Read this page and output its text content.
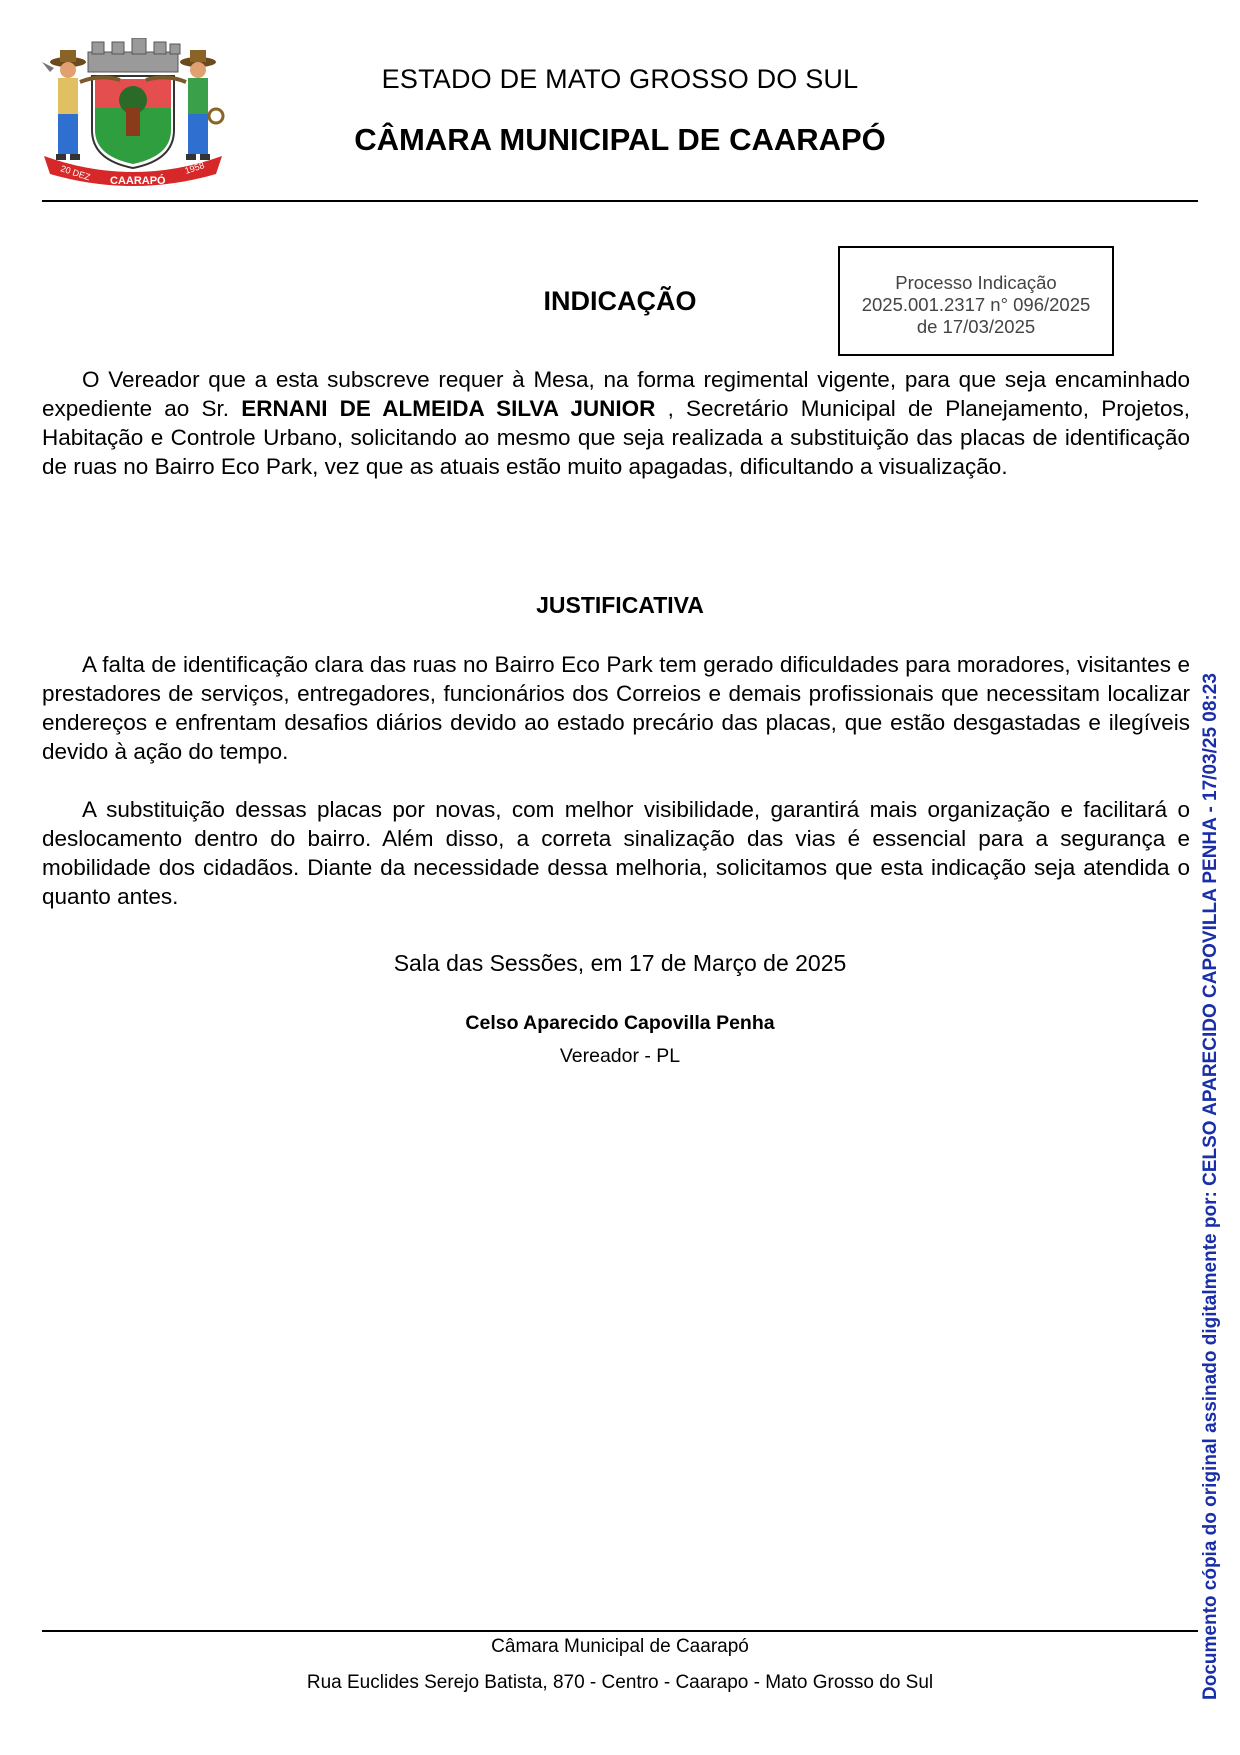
20 DEZ CAARAPÓ
1958
ESTADO DE MATO GROSSO DO SUL
CÂMARA MUNICIPAL DE CAARAPÓ
Processo Indicação
2025.001.2317 n° 096/2025
de 17/03/2025
INDICAÇÃO
O Vereador que a esta subscreve requer à Mesa, na forma regimental vigente, para que seja encaminhado expediente ao Sr. ERNANI DE ALMEIDA SILVA JUNIOR , Secretário Municipal de Planejamento, Projetos, Habitação e Controle Urbano, solicitando ao mesmo que seja realizada a substituição das placas de identificação de ruas no Bairro Eco Park, vez que as atuais estão muito apagadas, dificultando a visualização.
JUSTIFICATIVA
A falta de identificação clara das ruas no Bairro Eco Park tem gerado dificuldades para moradores, visitantes e prestadores de serviços, entregadores, funcionários dos Correios e demais profissionais que necessitam localizar endereços e enfrentam desafios diários devido ao estado precário das placas, que estão desgastadas e ilegíveis devido à ação do tempo.
A substituição dessas placas por novas, com melhor visibilidade, garantirá mais organização e facilitará o deslocamento dentro do bairro. Além disso, a correta sinalização das vias é essencial para a segurança e mobilidade dos cidadãos. Diante da necessidade dessa melhoria, solicitamos que esta indicação seja atendida o quanto antes.
Sala das Sessões, em 17 de Março de 2025
Celso Aparecido Capovilla Penha
Vereador - PL
Câmara Municipal de Caarapó
Rua Euclides Serejo Batista, 870 - Centro - Caarapo - Mato Grosso do Sul	Documento cópia do original assinado digitalmente por: CELSO APARECIDO CAPOVILLA PENHA - 17/03/25 08:23
